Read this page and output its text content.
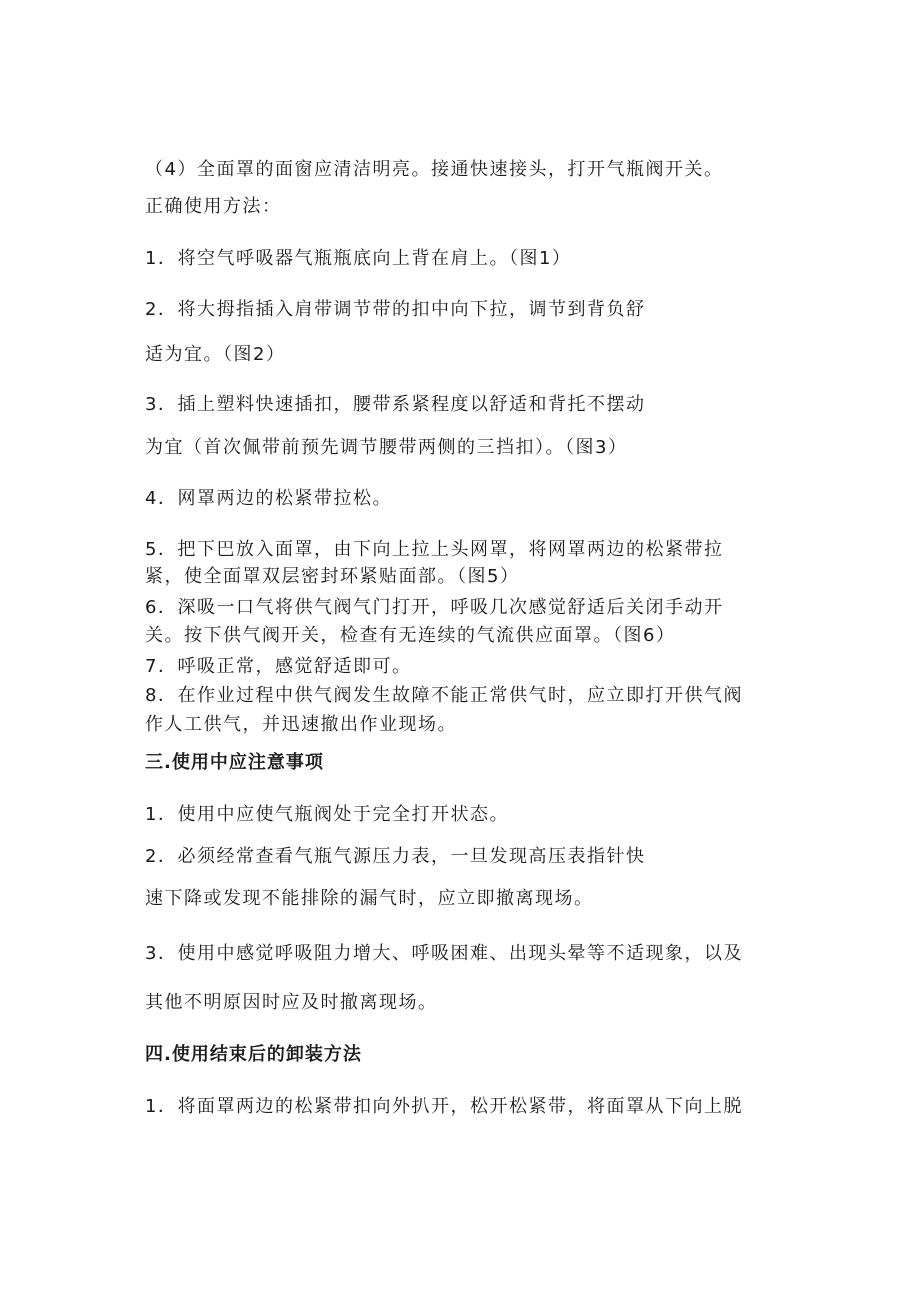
（4）全面罩的面窗应清洁明亮。接通快速接头，打开气瓶阀开关。
正确使用方法：
1．将空气呼吸器气瓶瓶底向上背在肩上。（图1）
2．将大拇指插入肩带调节带的扣中向下拉，调节到背负舒
适为宜。（图2）
3．插上塑料快速插扣，腰带系紧程度以舒适和背托不摆动
为宜（首次佩带前预先调节腰带两侧的三挡扣）。（图3）
4．网罩两边的松紧带拉松。
5．把下巴放入面罩，由下向上拉上头网罩，将网罩两边的松紧带拉
紧，使全面罩双层密封环紧贴面部。（图5）
6．深吸一口气将供气阀气门打开，呼吸几次感觉舒适后关闭手动开
关。按下供气阀开关，检查有无连续的气流供应面罩。（图6）
7．呼吸正常，感觉舒适即可。
8．在作业过程中供气阀发生故障不能正常供气时，应立即打开供气阀
作人工供气，并迅速撤出作业现场。
三.使用中应注意事项
1．使用中应使气瓶阀处于完全打开状态。
2．必须经常查看气瓶气源压力表，一旦发现高压表指针快
速下降或发现不能排除的漏气时，应立即撤离现场。
3．使用中感觉呼吸阻力增大、呼吸困难、出现头晕等不适现象，以及
其他不明原因时应及时撤离现场。
四.使用结束后的卸装方法
1．将面罩两边的松紧带扣向外扒开，松开松紧带，将面罩从下向上脱
